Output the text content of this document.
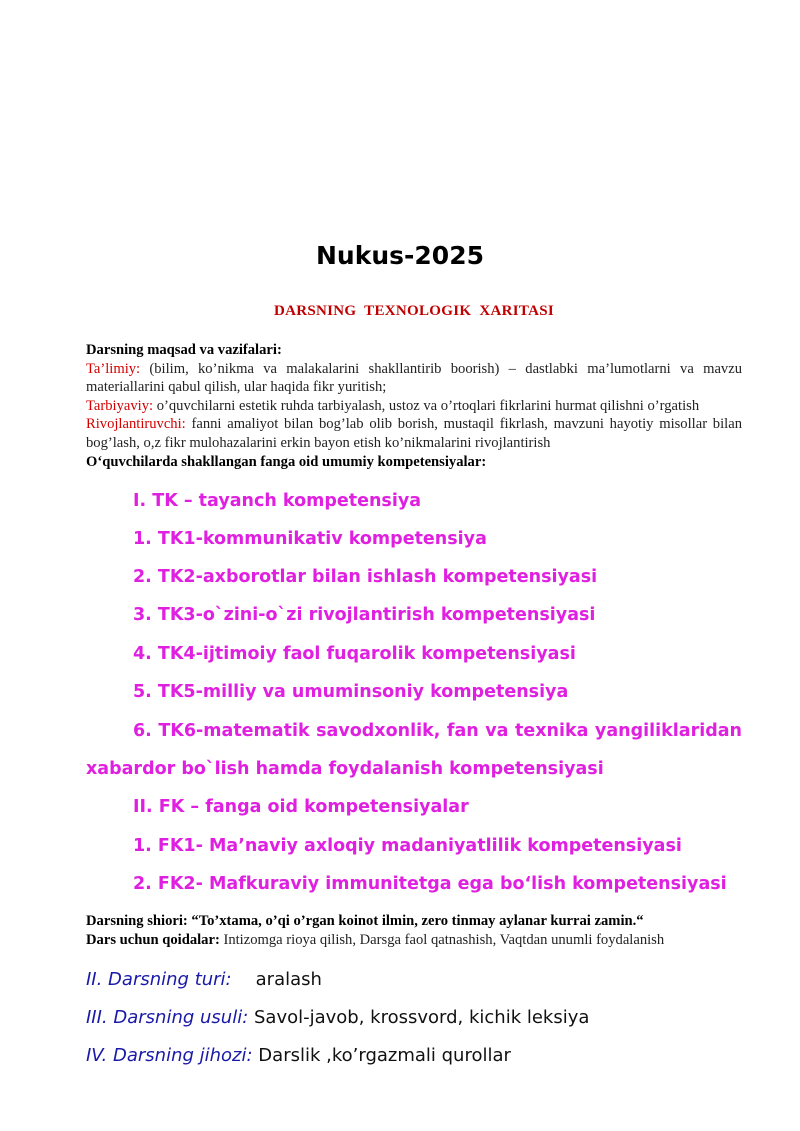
Nukus-2025
DARSNING TEXNOLOGIK XARITASI

Darsning maqsad va vazifalari:

Ta’limiy: (bilim, ko’nikma va malakalarini shakllantirib boorish) – dastlabki ma’lumotlarni va mavzu materiallarini qabul qilish, ular haqida fikr yuritish;

Tarbiyaviy: o’quvchilarni estetik ruhda tarbiyalash, ustoz va o’rtoqlari fikrlarini hurmat qilishni o’rgatish

Rivojlantiruvchi: fanni amaliyot bilan bog’lab olib borish, mustaqil fikrlash, mavzuni hayotiy misollar bilan bog’lash, o,z fikr mulohazalarini erkin bayon etish ko’nikmalarini rivojlantirish

O‘quvchilarda shakllangan fanga oid umumiy kompetensiyalar:

I. TK – tayanch kompetensiya
1. TK1-kommunikativ kompetensiya
2. TK2-axborotlar bilan ishlash kompetensiyasi
3. TK3-o`zini-o`zi rivojlantirish kompetensiyasi
4. TK4-ijtimoiy faol fuqarolik kompetensiyasi
5. TK5-milliy va umuminsoniy kompetensiya
6. TK6-matematik savodxonlik, fan va texnika yangiliklaridan
xabardor bo`lish hamda foydalanish kompetensiyasi
II. FK – fanga oid kompetensiyalar
1. FK1- Ma’naviy axloqiy madaniyatlilik kompetensiyasi
2. FK2- Mafkuraviy immunitetga ega bo‘lish kompetensiyasi

Darsning shiori: “To’xtama, o’qi o’rgan koinot ilmin, zero tinmay aylanar kurrai zamin.“

Dars uchun qoidalar: Intizomga rioya qilish, Darsga faol qatnashish, Vaqtdan unumli foydalanish

II. Darsning turi: aralash
III. Darsning usuli: Savol-javob, krossvord, kichik leksiya
IV. Darsning jihozi: Darslik ,ko’rgazmali qurollar
